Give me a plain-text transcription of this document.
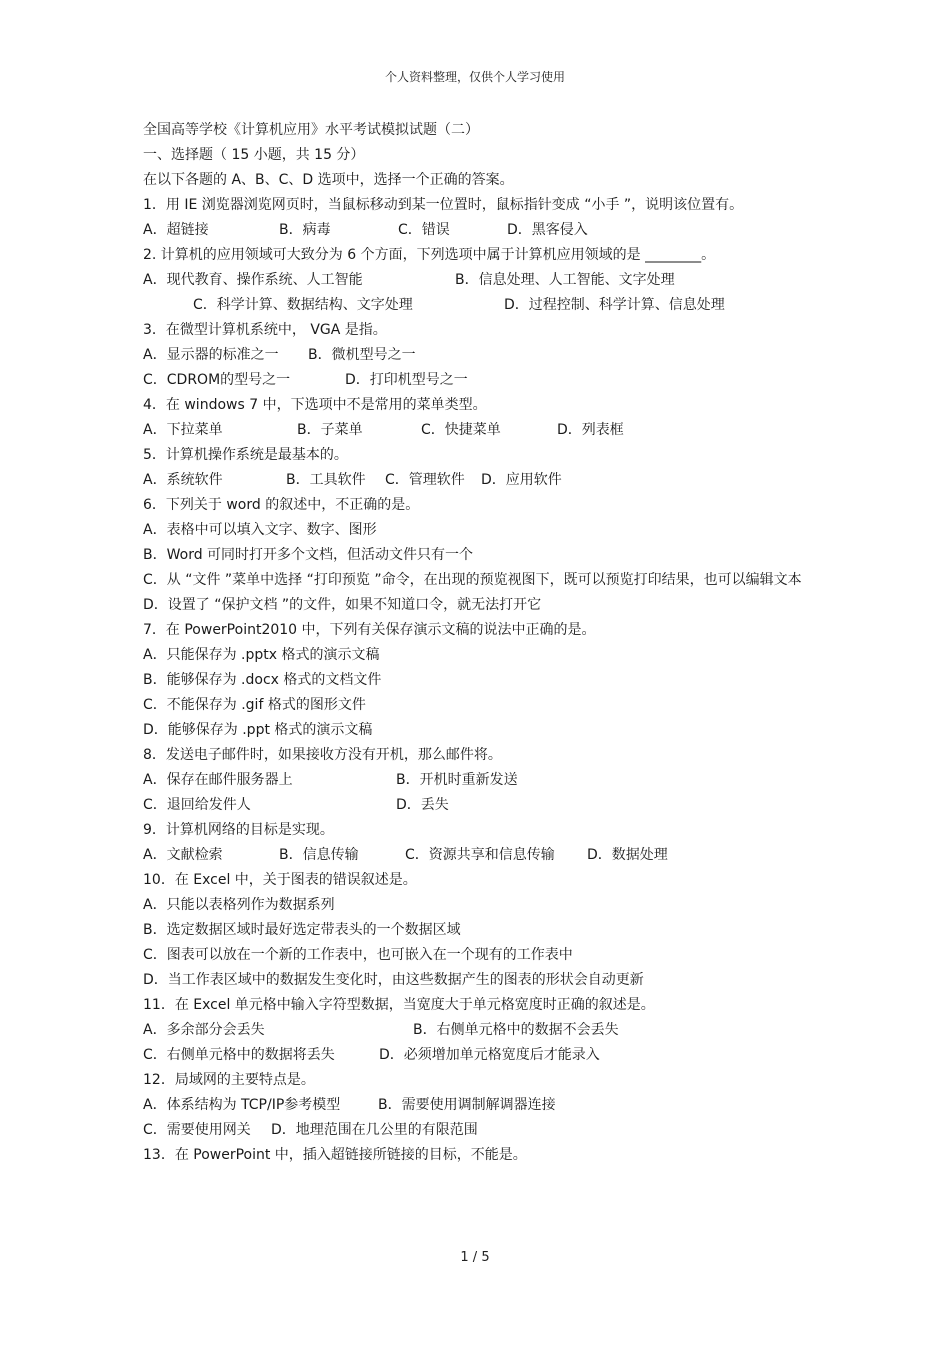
个人资料整理，仅供个人学习使用
全国高等学校《计算机应用》水平考试模拟试题（二）
一、选择题（ 15 小题，共 15 分）
在以下各题的 A、B、C、D 选项中，选择一个正确的答案。
1．用 IE 浏览器浏览网页时，当鼠标移动到某一位置时，鼠标指针变成 “小手 ”，说明该位置有。

A．超链接

	B．病毒

	C．错误

	D．黑客侵入

2. 计算机的应用领域可大致分为 6 个方面，下列选项中属于计算机应用领域的是 ________。

A．现代教育、操作系统、人工智能

	B．信息处理、人工智能、文字处理

C．科学计算、数据结构、文字处理

	D．过程控制、科学计算、信息处理

3．在微型计算机系统中， VGA 是指。

A．显示器的标准之一

B．微机型号之一

C．CDROM的型号之一

	D．打印机型号之一

4．在 windows 7 中，下选项中不是常用的菜单类型。

A．下拉菜单

	B．子菜单

	C．快捷菜单

	D．列表框

5．计算机操作系统是最基本的。

A．系统软件

	B．工具软件

C．管理软件

D．应用软件

6．下列关于 word 的叙述中，不正确的是。
A．表格中可以填入文字、数字、图形
B．Word 可同时打开多个文档，但活动文件只有一个
C．从 “文件 ”菜单中选择 “打印预览 ”命令，在出现的预览视图下，既可以预览打印结果，也可以编辑文本
D．设置了 “保护文档 ”的文件，如果不知道口令，就无法打开它
7．在 PowerPoint2010 中，下列有关保存演示文稿的说法中正确的是。
A．只能保存为 .pptx 格式的演示文稿
B．能够保存为 .docx 格式的文档文件
C．不能保存为 .gif 格式的图形文件
D．能够保存为 .ppt 格式的演示文稿
8．发送电子邮件时，如果接收方没有开机，那么邮件将。

A．保存在邮件服务器上

	B．开机时重新发送

C．退回给发件人

	D．丢失

9．计算机网络的目标是实现。

A．文献检索

	B．信息传输

	C．资源共享和信息传输

D．数据处理

10．在 Excel 中，关于图表的错误叙述是。
A．只能以表格列作为数据系列
B．选定数据区域时最好选定带表头的一个数据区域
C．图表可以放在一个新的工作表中，也可嵌入在一个现有的工作表中
D．当工作表区域中的数据发生变化时，由这些数据产生的图表的形状会自动更新
11．在 Excel 单元格中输入字符型数据，当宽度大于单元格宽度时正确的叙述是。

A．多余部分会丢失

	B．右侧单元格中的数据不会丢失

C．右侧单元格中的数据将丢失

	D．必须增加单元格宽度后才能录入

12．局域网的主要特点是。

A．体系结构为 TCP/IP参考模型

	B．需要使用调制解调器连接

C．需要使用网关

D．地理范围在几公里的有限范围

13．在 PowerPoint 中，插入超链接所链接的目标，不能是。
1 / 5
